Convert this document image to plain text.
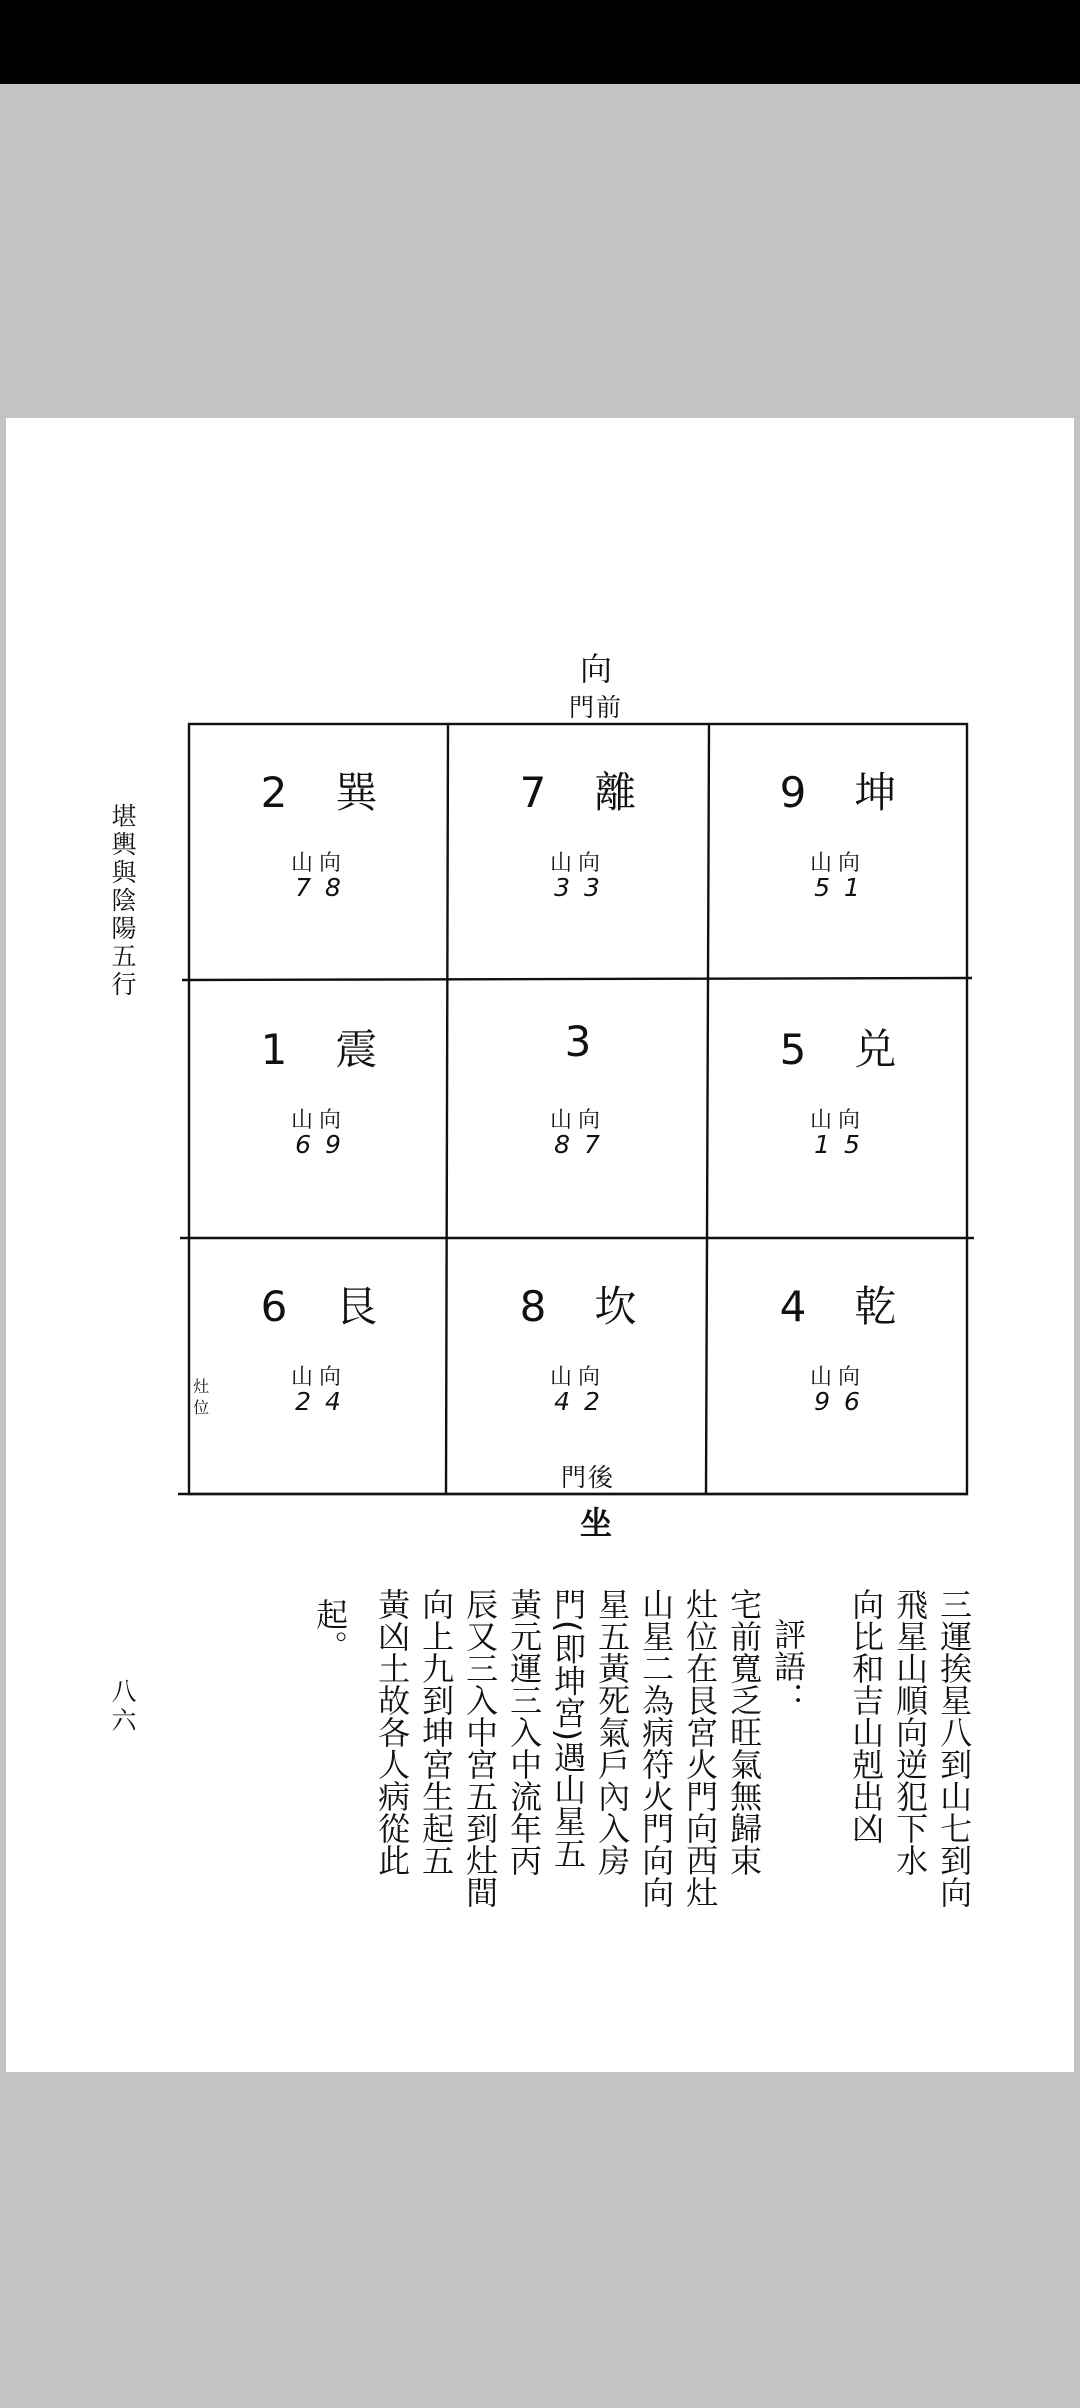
堪輿與陰陽五行
八六
向
門前
2 巽
山向
78
7 離
山向
33
9 坤
山向
51
1 震
山向
69
3
山向
87
5 兑
山向
15
6 艮
山向
24
8 坎
山向
42
4 乾
山向
96
灶 位
門後
坐
三運挨星八到山七到向
飛星山順向逆犯下水
向比和吉山剋出凶
評語：
宅前寬乏旺氣無歸束
灶位在艮宮火門向西灶
山星二為病符火門向向
星五黃死氣戶內入房
門(即坤宮)遇山星五
黃元運三入中流年丙
辰又三入中宮五到灶間
向上九到坤宮生起五
黃凶土故各人病從此
起。
